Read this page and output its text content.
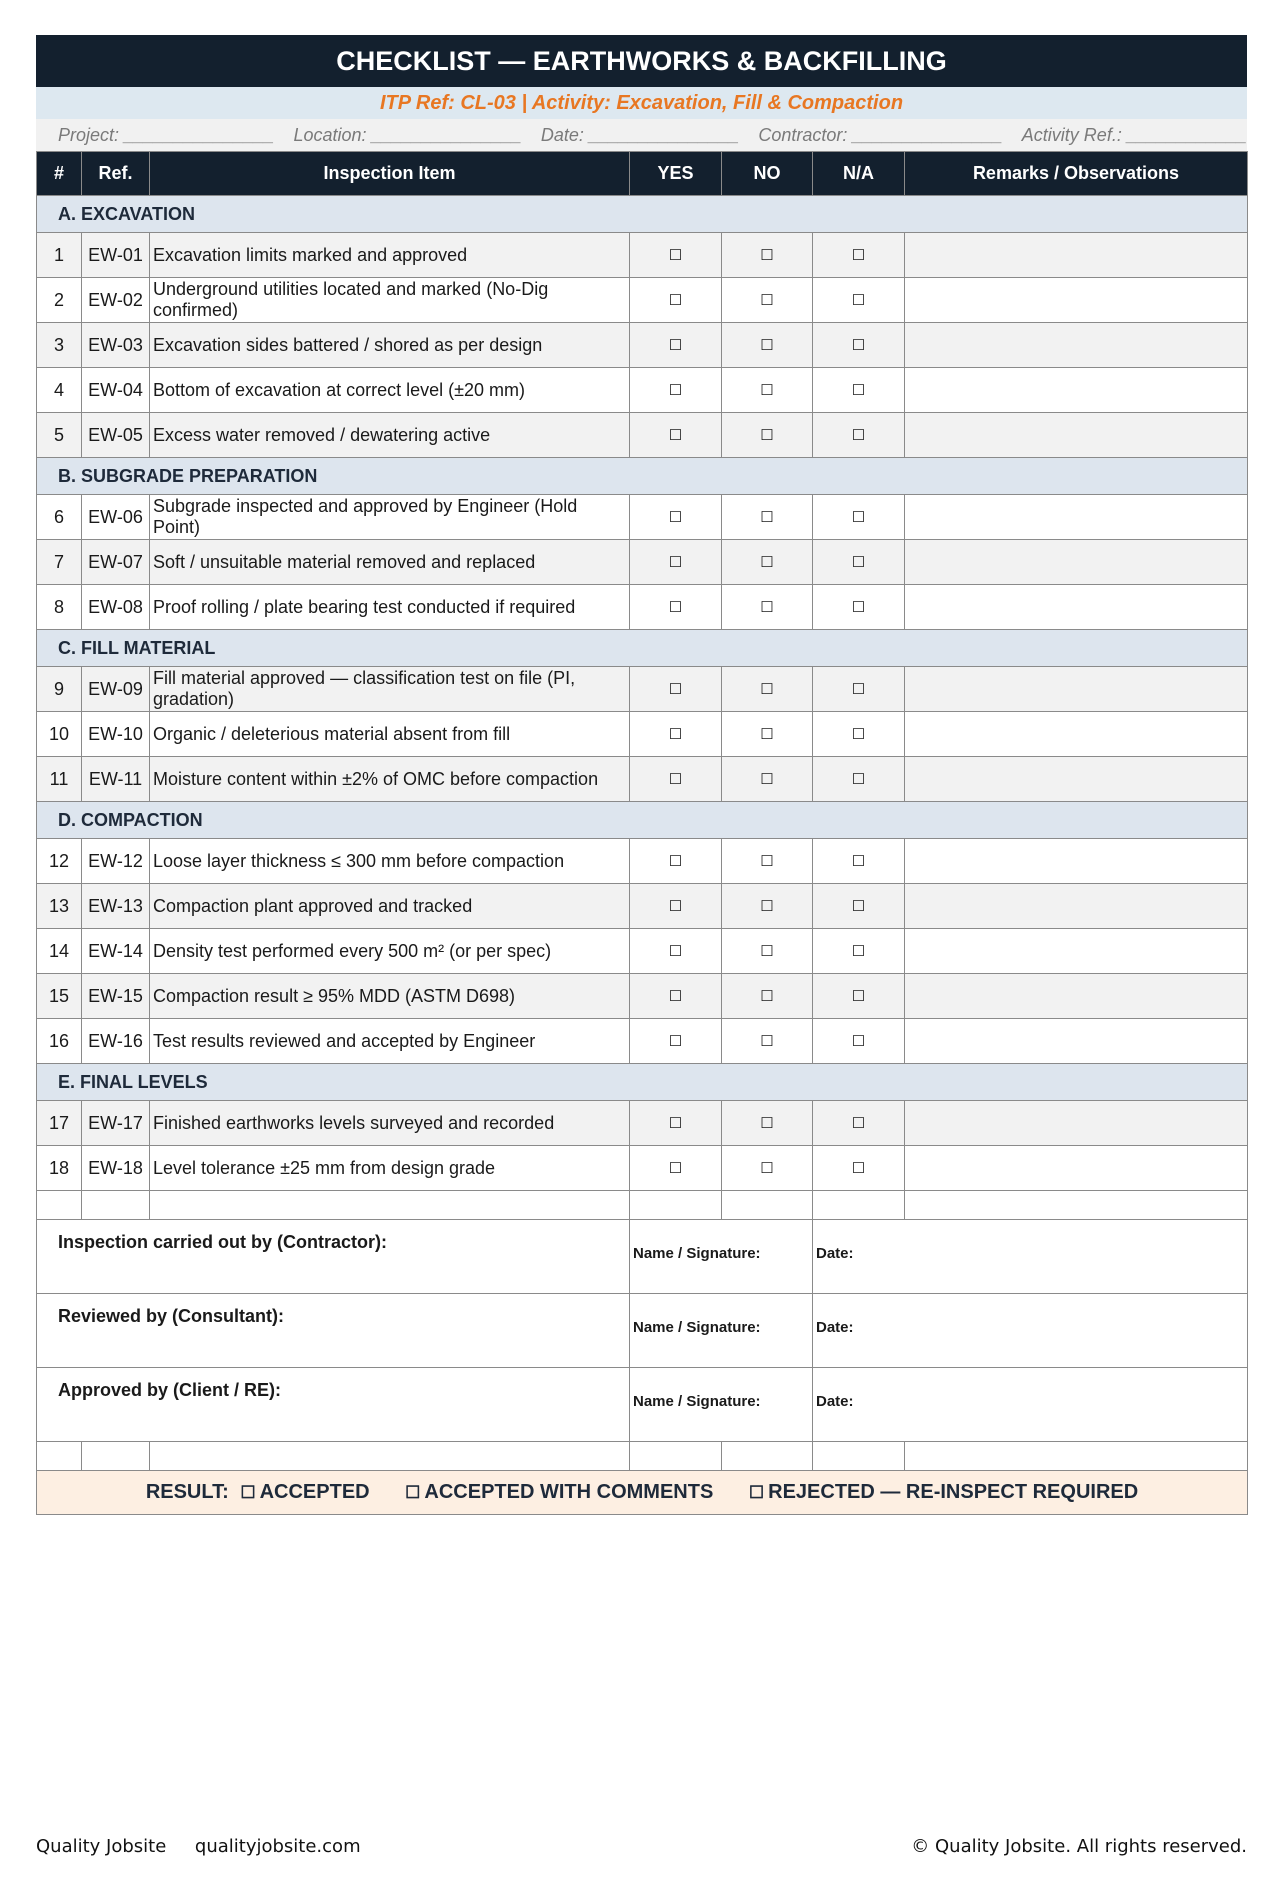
CHECKLIST — EARTHWORKS & BACKFILLING
ITP Ref: CL-03 | Activity: Excavation, Fill & Compaction
Project: _______________ Location: _______________ Date: _______________ Contractor: _______________ Activity Ref.: ____________
#	Ref.	Inspection Item	YES	NO	N/A	Remarks / Observations
A. EXCAVATION						
1	EW-01	Excavation limits marked and approved	☐	☐	☐	
2	EW-02	Underground utilities located and marked (No-Dig confirmed)	☐	☐	☐	
3	EW-03	Excavation sides battered / shored as per design	☐	☐	☐	
4	EW-04	Bottom of excavation at correct level (±20 mm)	☐	☐	☐	
5	EW-05	Excess water removed / dewatering active	☐	☐	☐	
B. SUBGRADE PREPARATION						
6	EW-06	Subgrade inspected and approved by Engineer (Hold Point)	☐	☐	☐	
7	EW-07	Soft / unsuitable material removed and replaced	☐	☐	☐	
8	EW-08	Proof rolling / plate bearing test conducted if required	☐	☐	☐	
C. FILL MATERIAL						
9	EW-09	Fill material approved — classification test on file (PI, gradation)	☐	☐	☐	
10	EW-10	Organic / deleterious material absent from fill	☐	☐	☐	
11	EW-11	Moisture content within ±2% of OMC before compaction	☐	☐	☐	
D. COMPACTION						
12	EW-12	Loose layer thickness ≤ 300 mm before compaction	☐	☐	☐	
13	EW-13	Compaction plant approved and tracked	☐	☐	☐	
14	EW-14	Density test performed every 500 m² (or per spec)	☐	☐	☐	
15	EW-15	Compaction result ≥ 95% MDD (ASTM D698)	☐	☐	☐	
16	EW-16	Test results reviewed and accepted by Engineer	☐	☐	☐	
E. FINAL LEVELS						
17	EW-17	Finished earthworks levels surveyed and recorded	☐	☐	☐	
18	EW-18	Level tolerance ±25 mm from design grade	☐	☐	☐	

Inspection carried out by (Contractor):			Name / Signature:		Date:	
Reviewed by (Consultant):			Name / Signature:		Date:	
Approved by (Client / RE):			Name / Signature:		Date:	

RESULT: ☐ ACCEPTED ☐ ACCEPTED WITH COMMENTS ☐ REJECTED — RE-INSPECT REQUIRED						
Quality Jobsite     qualityjobsite.com	© Quality Jobsite. All rights reserved.
